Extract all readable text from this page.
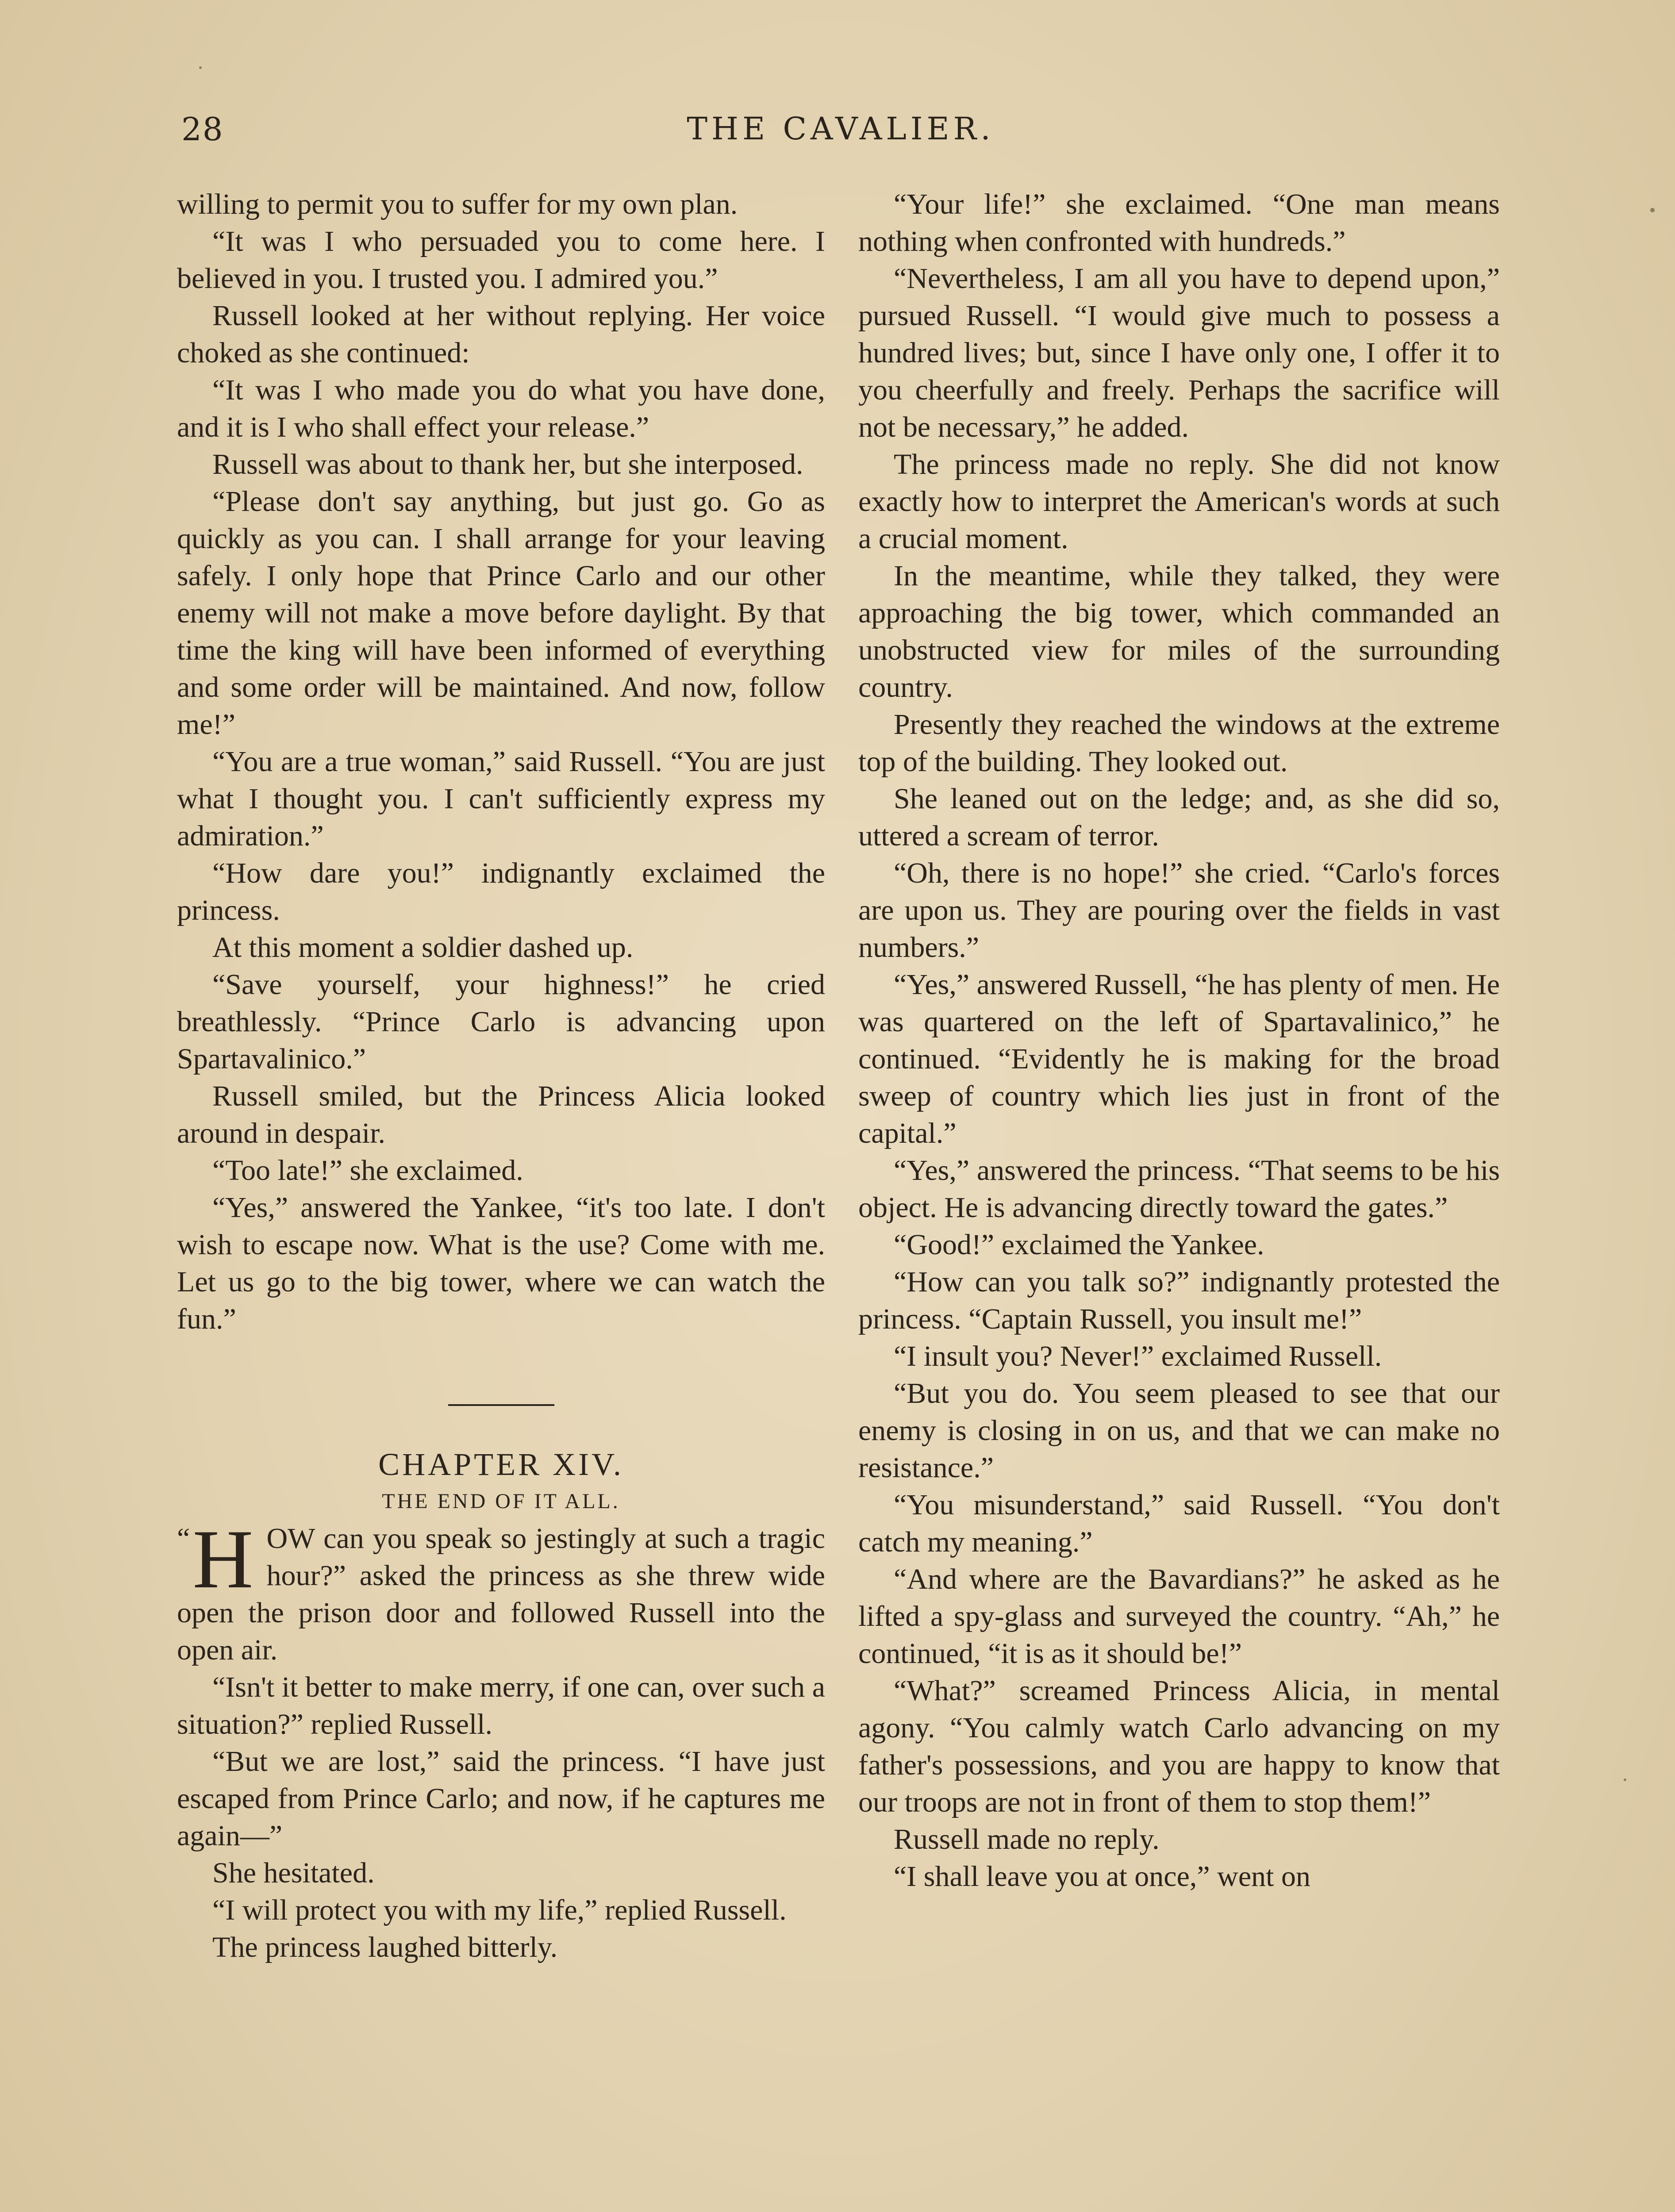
28	THE CAVALIER.

willing to permit you to suffer for my own plan.

“It was I who persuaded you to come here. I believed in you. I trusted you. I admired you.”

Russell looked at her without replying. Her voice choked as she continued:

“It was I who made you do what you have done, and it is I who shall effect your release.”

Russell was about to thank her, but she interposed.

“Please don't say anything, but just go. Go as quickly as you can. I shall arrange for your leaving safely. I only hope that Prince Carlo and our other enemy will not make a move before daylight. By that time the king will have been informed of everything and some order will be maintained. And now, follow me!”

“You are a true woman,” said Russell. “You are just what I thought you. I can't sufficiently express my admiration.”

“How dare you!” indignantly exclaimed the princess.

At this moment a soldier dashed up.

“Save yourself, your highness!” he cried breathlessly. “Prince Carlo is advancing upon Spartavalinico.”

Russell smiled, but the Princess Alicia looked around in despair.

“Too late!” she exclaimed.

“Yes,” answered the Yankee, “it's too late. I don't wish to escape now. What is the use? Come with me. Let us go to the big tower, where we can watch the fun.”

CHAPTER XIV.

THE END OF IT ALL.

“ H OW can you speak so jestingly at such a tragic hour?” asked the princess as she threw wide open the prison door and followed Russell into the open air.

“Isn't it better to make merry, if one can, over such a situation?” replied Russell.

“But we are lost,” said the princess. “I have just escaped from Prince Carlo; and now, if he captures me again—”

She hesitated.

“I will protect you with my life,” replied Russell.

The princess laughed bitterly.

“Your life!” she exclaimed. “One man means nothing when confronted with hundreds.”

“Nevertheless, I am all you have to depend upon,” pursued Russell. “I would give much to possess a hundred lives; but, since I have only one, I offer it to you cheerfully and freely. Perhaps the sacrifice will not be necessary,” he added.

The princess made no reply. She did not know exactly how to interpret the American's words at such a crucial moment.

In the meantime, while they talked, they were approaching the big tower, which commanded an unobstructed view for miles of the surrounding country.

Presently they reached the windows at the extreme top of the building. They looked out.

She leaned out on the ledge; and, as she did so, uttered a scream of terror.

“Oh, there is no hope!” she cried. “Carlo's forces are upon us. They are pouring over the fields in vast numbers.”

“Yes,” answered Russell, “he has plenty of men. He was quartered on the left of Spartavalinico,” he continued. “Evidently he is making for the broad sweep of country which lies just in front of the capital.”

“Yes,” answered the princess. “That seems to be his object. He is advancing directly toward the gates.”

“Good!” exclaimed the Yankee.

“How can you talk so?” indignantly protested the princess. “Captain Russell, you insult me!”

“I insult you? Never!” exclaimed Russell.

“But you do. You seem pleased to see that our enemy is closing in on us, and that we can make no resistance.”

“You misunderstand,” said Russell. “You don't catch my meaning.”

“And where are the Bavardians?” he asked as he lifted a spy-glass and surveyed the country. “Ah,” he continued, “it is as it should be!”

“What?” screamed Princess Alicia, in mental agony. “You calmly watch Carlo advancing on my father's possessions, and you are happy to know that our troops are not in front of them to stop them!”

Russell made no reply.

“I shall leave you at once,” went on
